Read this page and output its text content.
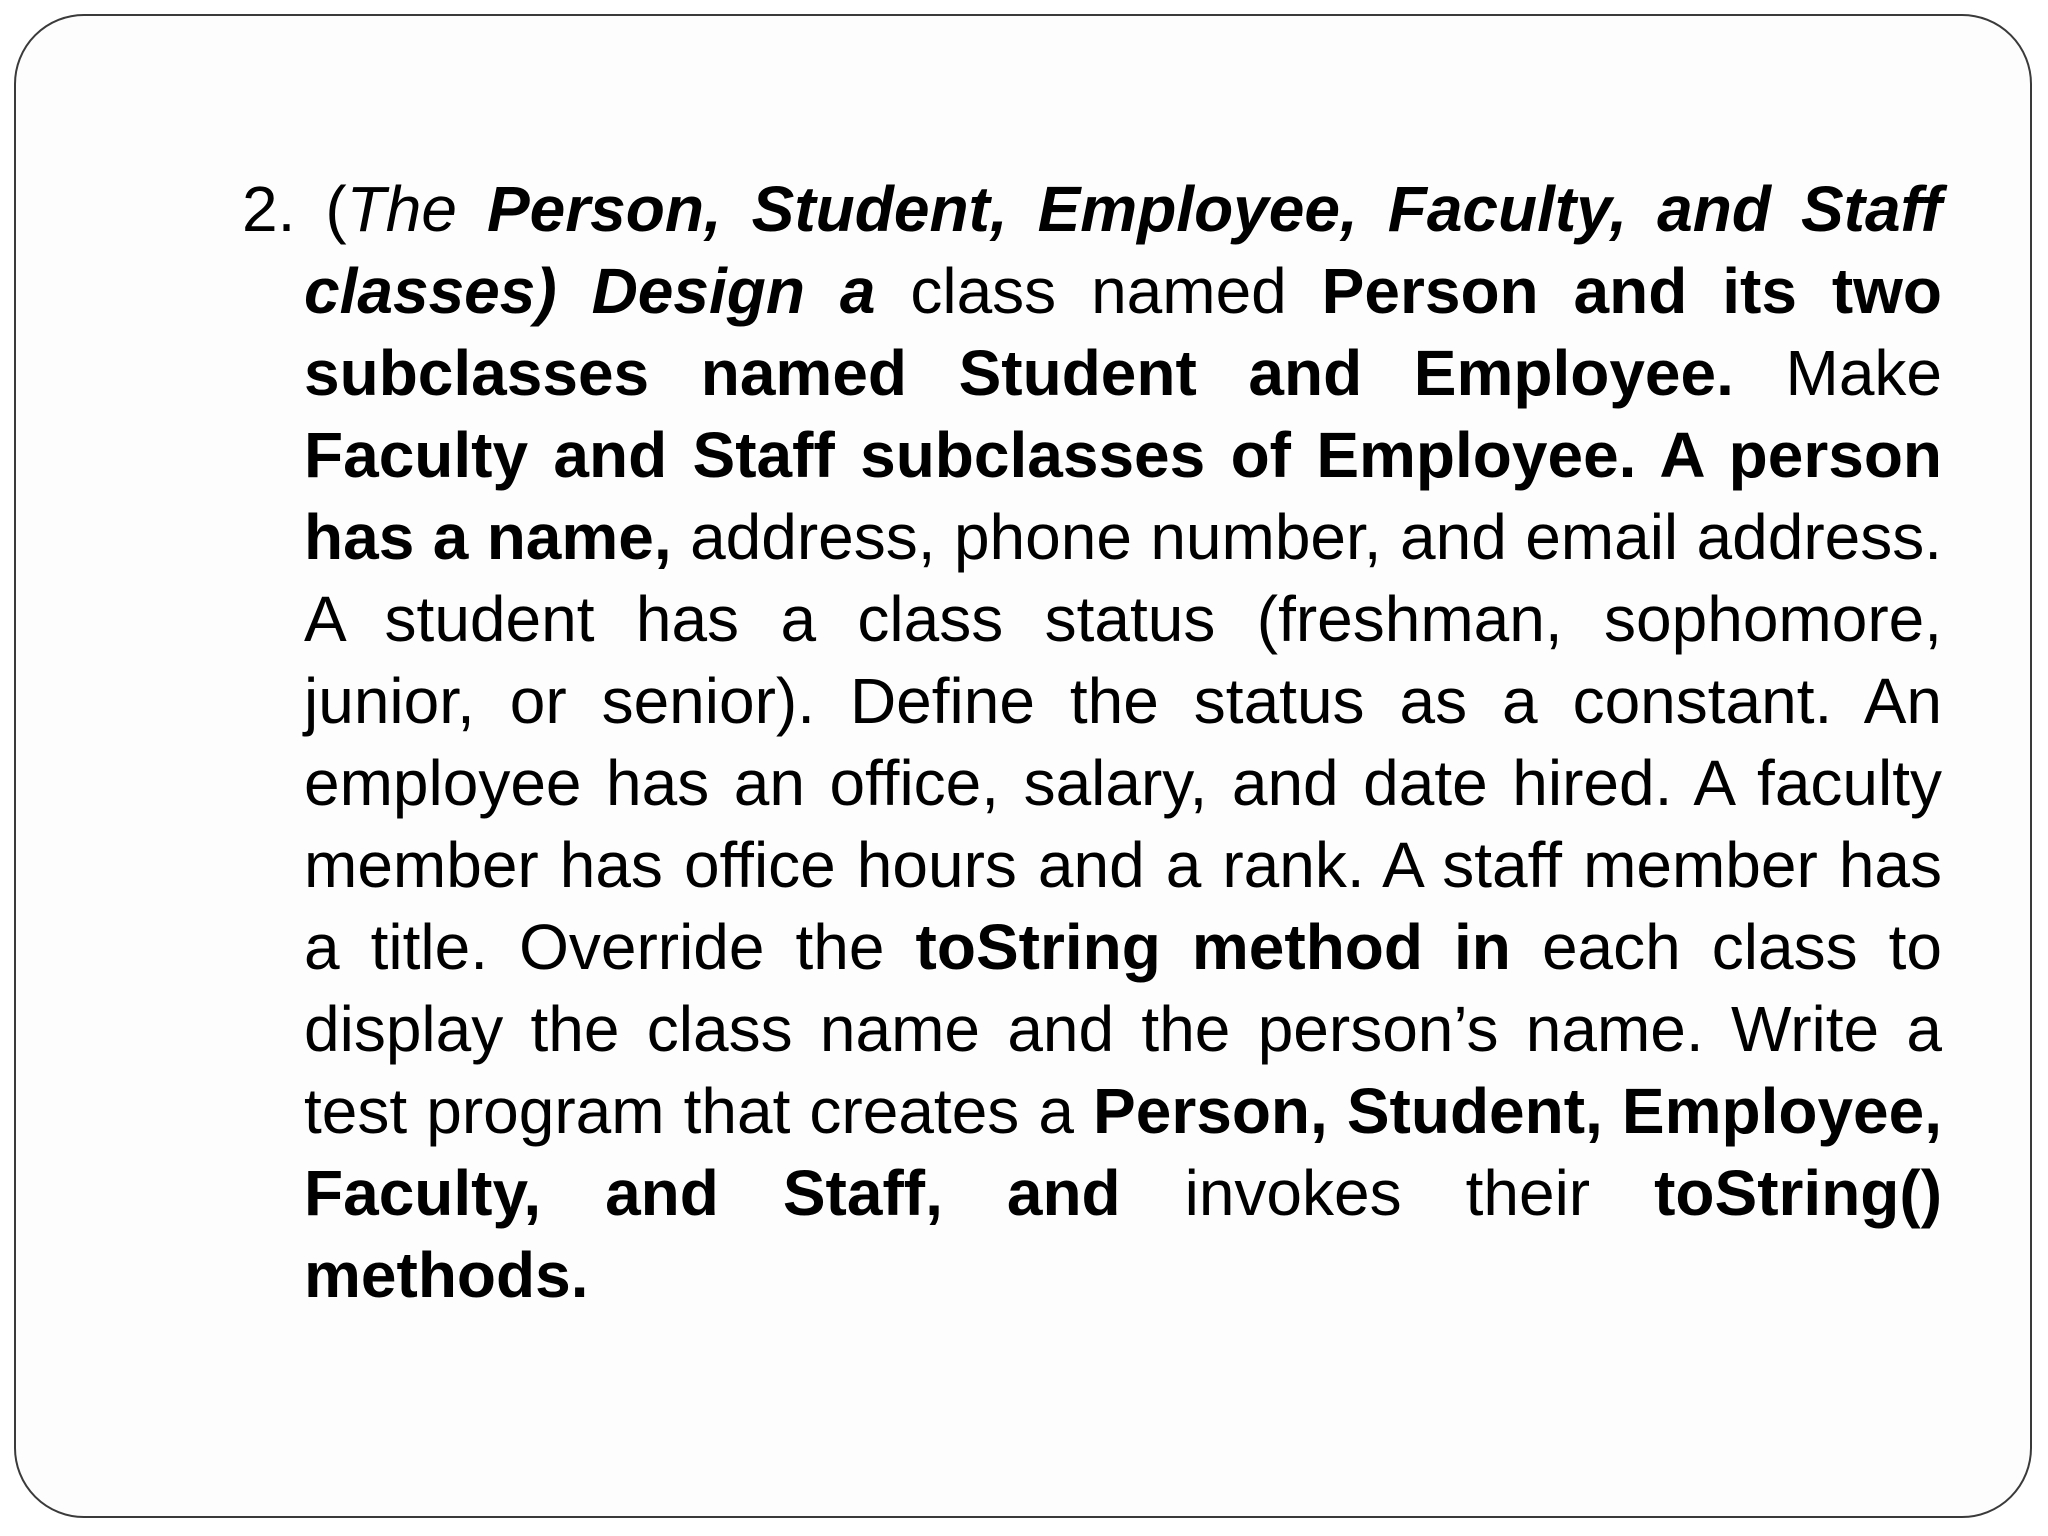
2. (The Person, Student, Employee, Faculty, and Staff classes) Design a class named Person and its two subclasses named Student and Employee. Make Faculty and Staff subclasses of Employee. A person has a name, address, phone number, and email address. A student has a class status (freshman, sophomore, junior, or senior). Define the status as a constant. An employee has an office, salary, and date hired. A faculty member has office hours and a rank. A staff member has a title. Override the toString method in each class to display the class name and the person’s name. Write a test program that creates a Person, Student, Employee, Faculty, and Staff, and invokes their toString() methods.
